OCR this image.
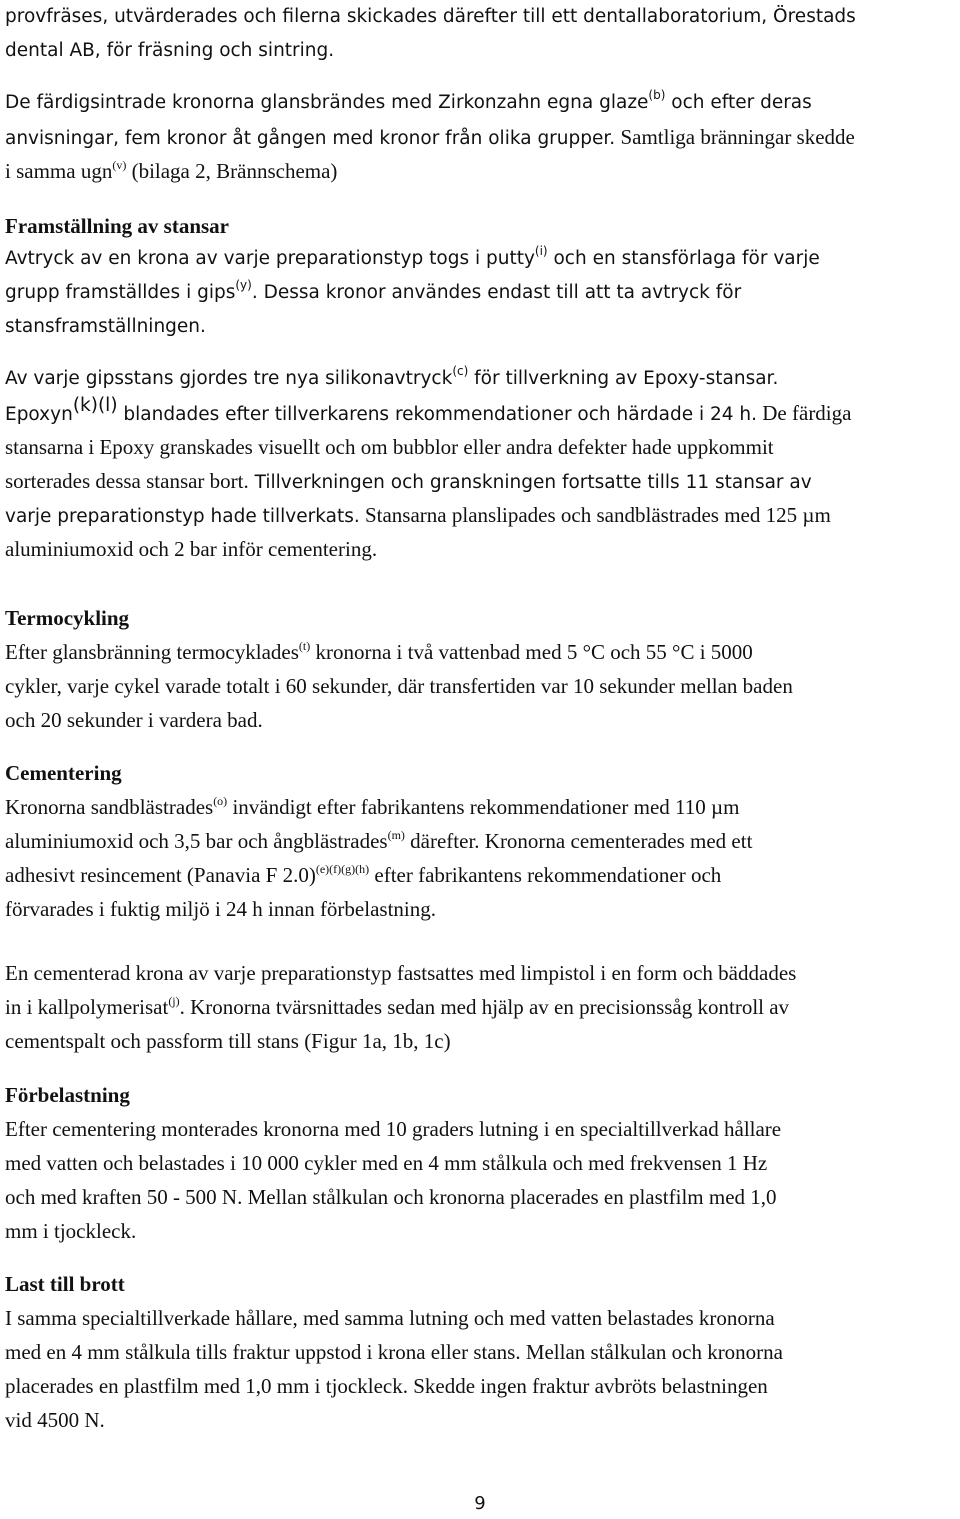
provfräses, utvärderades och filerna skickades därefter till ett dentallaboratorium, Örestads
dental AB, för fräsning och sintring.
De färdigsintrade kronorna glansbrändes med Zirkonzahn egna glaze$^{(b)}$ och efter deras
anvisningar, fem kronor åt gången med kronor från olika grupper. Samtliga bränningar skedde
i samma ugn$^{(v)}$ (bilaga 2, Brännschema)
Framställning av stansar
Avtryck av en krona av varje preparationstyp togs i putty$^{(i)}$ och en stansförlaga för varje
grupp framställdes i gips$^{(y)}$. Dessa kronor användes endast till att ta avtryck för
stansframställningen.
Av varje gipsstans gjordes tre nya silikonavtryck$^{(c)}$ för tillverkning av Epoxy-stansar.
Epoxyn$^{(k)(l)}$ blandades efter tillverkarens rekommendationer och härdade i 24 h. De färdiga
stansarna i Epoxy granskades visuellt och om bubblor eller andra defekter hade uppkommit
sorterades dessa stansar bort. Tillverkningen och granskningen fortsatte tills 11 stansar av
varje preparationstyp hade tillverkats. Stansarna planslipades och sandblästrades med 125 µm
aluminiumoxid och 2 bar inför cementering.
Termocykling
Efter glansbränning termocyklades$^{(t)}$ kronorna i två vattenbad med 5 °C och 55 °C i 5000
cykler, varje cykel varade totalt i 60 sekunder, där transfertiden var 10 sekunder mellan baden
och 20 sekunder i vardera bad.
Cementering
Kronorna sandblästrades$^{(o)}$ invändigt efter fabrikantens rekommendationer med 110 µm
aluminiumoxid och 3,5 bar och ångblästrades$^{(m)}$ därefter. Kronorna cementerades med ett
adhesivt resincement (Panavia F 2.0)$^{(e)(f)(g)(h)}$ efter fabrikantens rekommendationer och
förvarades i fuktig miljö i 24 h innan förbelastning.
En cementerad krona av varje preparationstyp fastsattes med limpistol i en form och bäddades
in i kallpolymerisat$^{(j)}$. Kronorna tvärsnittades sedan med hjälp av en precisionssåg kontroll av
cementspalt och passform till stans (Figur 1a, 1b, 1c)
Förbelastning
Efter cementering monterades kronorna med 10 graders lutning i en specialtillverkad hållare
med vatten och belastades i 10 000 cykler med en 4 mm stålkula och med frekvensen 1 Hz
och med kraften 50 - 500 N. Mellan stålkulan och kronorna placerades en plastfilm med 1,0
mm i tjockleck.
Last till brott
I samma specialtillverkade hållare, med samma lutning och med vatten belastades kronorna
med en 4 mm stålkula tills fraktur uppstod i krona eller stans. Mellan stålkulan och kronorna
placerades en plastfilm med 1,0 mm i tjockleck. Skedde ingen fraktur avbröts belastningen
vid 4500 N.
9
